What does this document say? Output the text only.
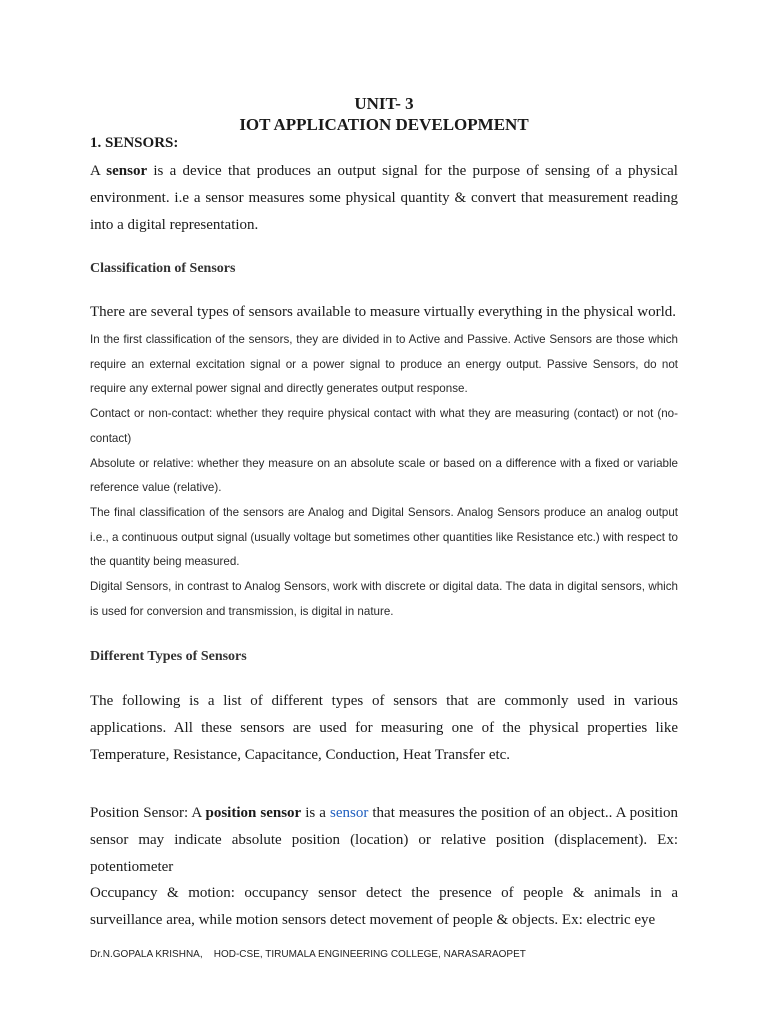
UNIT- 3
IOT APPLICATION DEVELOPMENT
1. SENSORS:
A sensor is a device that produces an output signal for the purpose of sensing of a physical environment. i.e a sensor measures some physical quantity & convert that measurement reading into a digital representation.
Classification of Sensors
There are several types of sensors available to measure virtually everything in the physical world.
In the first classification of the sensors, they are divided in to Active and Passive. Active Sensors are those which require an external excitation signal or a power signal to produce an energy output. Passive Sensors, do not require any external power signal and directly generates output response.
Contact or non-contact: whether they require physical contact with what they are measuring (contact) or not (no- contact)
Absolute or relative: whether they measure on an absolute scale or based on a difference with a fixed or variable reference value (relative).
The final classification of the sensors are Analog and Digital Sensors. Analog Sensors produce an analog output i.e., a continuous output signal (usually voltage but sometimes other quantities like Resistance etc.) with respect to the quantity being measured.
Digital Sensors, in contrast to Analog Sensors, work with discrete or digital data. The data in digital sensors, which is used for conversion and transmission, is digital in nature.
Different Types of Sensors
The following is a list of different types of sensors that are commonly used in various applications. All these sensors are used for measuring one of the physical properties like Temperature, Resistance, Capacitance, Conduction, Heat Transfer etc.
Position Sensor: A position sensor is a sensor that measures the position of an object.. A position sensor may indicate absolute position (location) or relative position (displacement). Ex: potentiometer
Occupancy & motion: occupancy sensor detect the presence of people & animals in a surveillance area, while motion sensors detect movement of people & objects. Ex: electric eye
Dr.N.GOPALA KRISHNA, HOD-CSE, TIRUMALA ENGINEERING COLLEGE, NARASARAOPET
